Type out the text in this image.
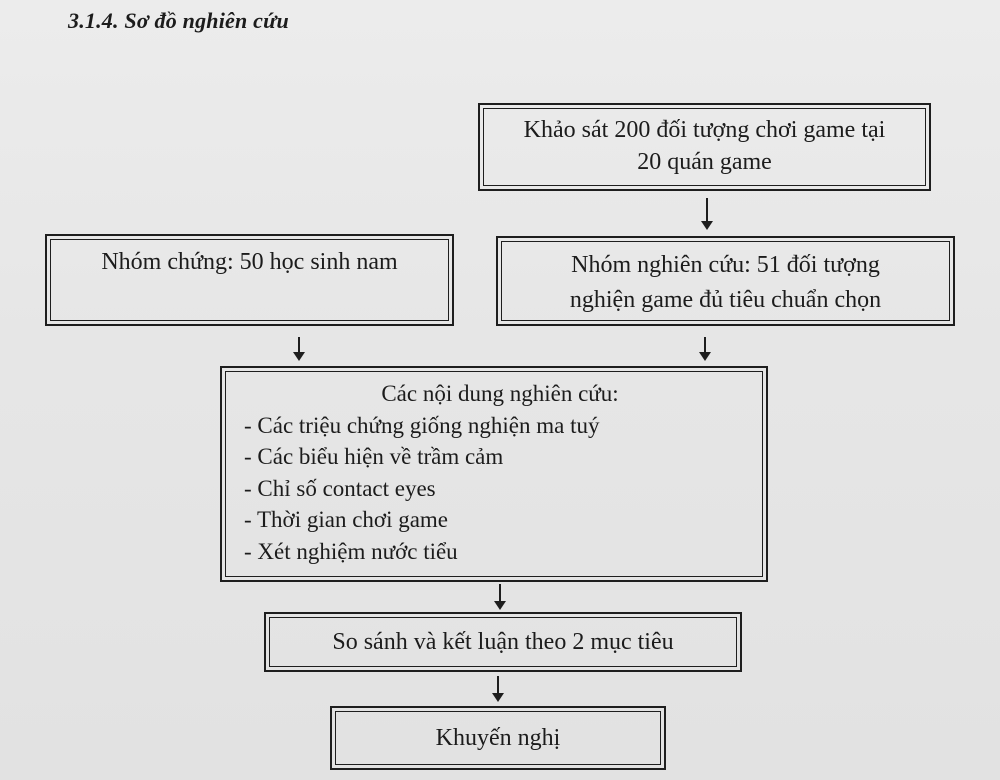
3.1.4. Sơ đồ nghiên cứu
Khảo sát 200 đối tượng chơi game tại
20 quán game
Nhóm chứng: 50 học sinh nam	Nhóm nghiên cứu: 51 đối tượng
nghiện game đủ tiêu chuẩn chọn
Các nội dung nghiên cứu:
- Các triệu chứng giống nghiện ma tuý
- Các biểu hiện về trầm cảm
- Chỉ số contact eyes
- Thời gian chơi game
- Xét nghiệm nước tiểu
So sánh và kết luận theo 2 mục tiêu
Khuyến nghị
